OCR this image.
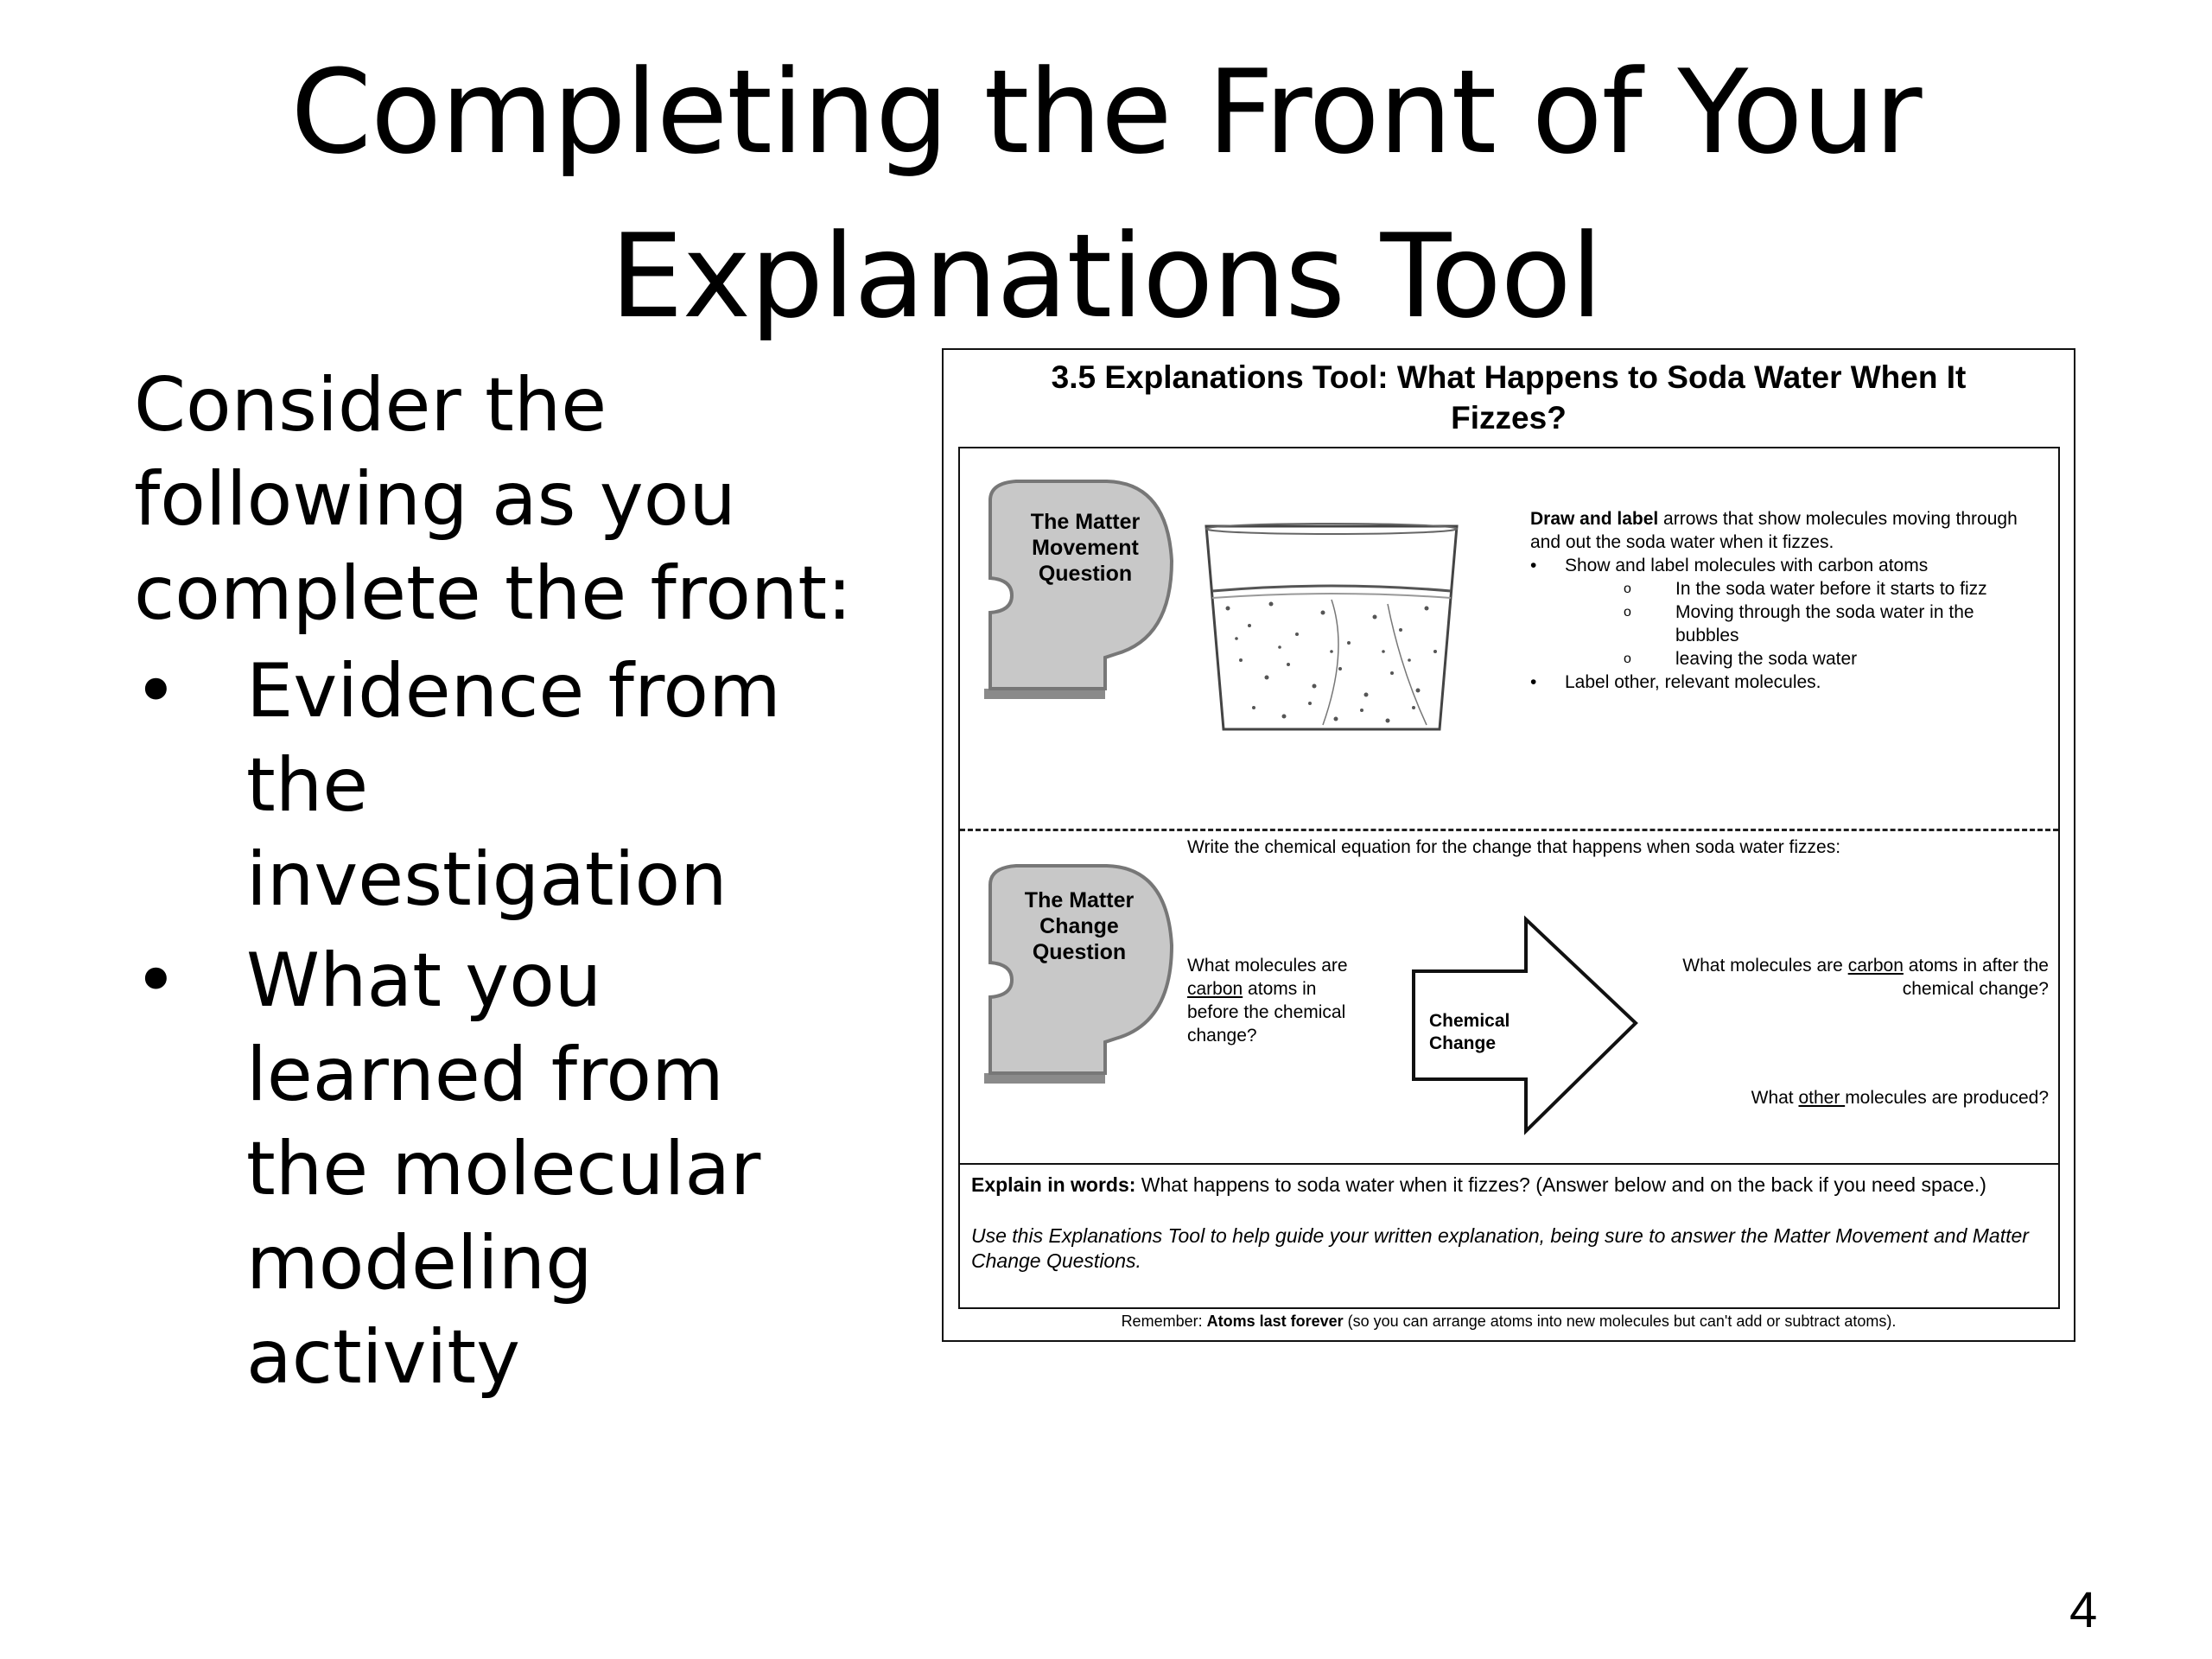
Completing the Front of Your
Explanations Tool
Consider the
following as you
complete the front:
• Evidence from
the
investigation
• What you
learned from
the molecular
modeling
activity
3.5 Explanations Tool: What Happens to Soda Water When It
Fizzes?
The Matter
Movement
Question
Draw and label arrows that show molecules moving through
and out the soda water when it fizzes.
• Show and label molecules with carbon atoms
o In the soda water before it starts to fizz
o Moving through the soda water in the
bubbles
o leaving the soda water
• Label other, relevant molecules.
Write the chemical equation for the change that happens when soda water fizzes:
The Matter
Change
Question
What molecules are
carbon atoms in
before the chemical
change?
Chemical
Change
What molecules are carbon atoms in after the
chemical change?
What other molecules are produced?
Explain in words: What happens to soda water when it fizzes? (Answer below and on the back if you need space.)
Use this Explanations Tool to help guide your written explanation, being sure to answer the Matter Movement and Matter Change Questions.
Remember: Atoms last forever (so you can arrange atoms into new molecules but can't add or subtract atoms).
4
